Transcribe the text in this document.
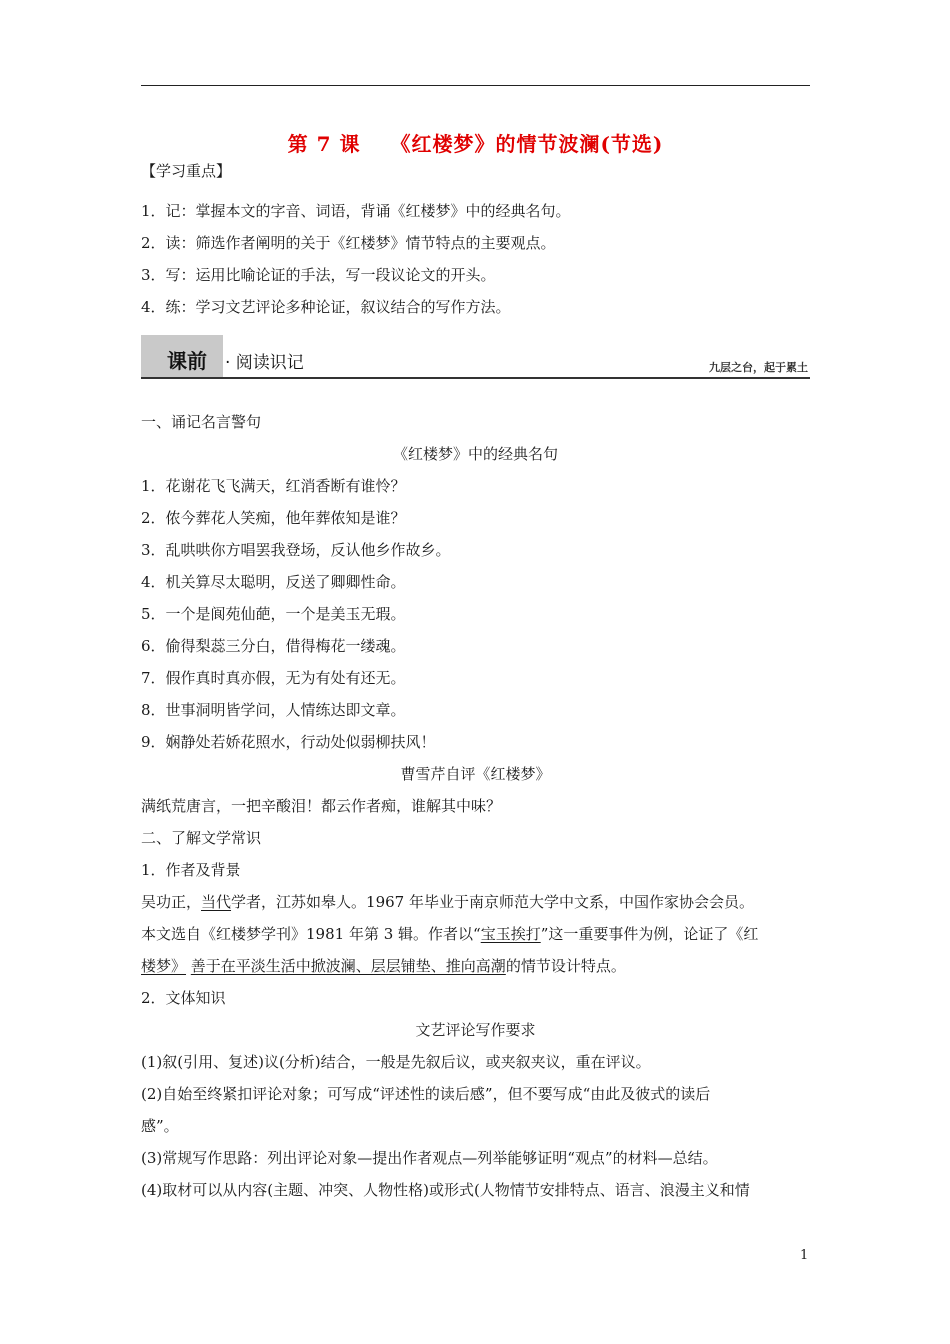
第 7 课 《红楼梦》的情节波澜(节选)
【学习重点】
1．记：掌握本文的字音、词语，背诵《红楼梦》中的经典名句。
2．读：筛选作者阐明的关于《红楼梦》情节特点的主要观点。
3．写：运用比喻论证的手法，写一段议论文的开头。
4．练：学习文艺评论多种论证，叙议结合的写作方法。
课前 · 阅读识记	九层之台，起于累土
一、诵记名言警句
《红楼梦》中的经典名句
1．花谢花飞飞满天，红消香断有谁怜？
2．侬今葬花人笑痴，他年葬侬知是谁？
3．乱哄哄你方唱罢我登场，反认他乡作故乡。
4．机关算尽太聪明，反送了卿卿性命。
5．一个是阆苑仙葩，一个是美玉无瑕。
6．偷得梨蕊三分白，借得梅花一缕魂。
7．假作真时真亦假，无为有处有还无。
8．世事洞明皆学问，人情练达即文章。
9．娴静处若娇花照水，行动处似弱柳扶风！
曹雪芹自评《红楼梦》
满纸荒唐言，一把辛酸泪！都云作者痴，谁解其中味？
二、了解文学常识
1．作者及背景
吴功正，当代学者，江苏如皋人。1967 年毕业于南京师范大学中文系，中国作家协会会员。
本文选自《红楼梦学刊》1981 年第 3 辑。作者以“宝玉挨打”这一重要事件为例，论证了《红
楼梦》 善于在平淡生活中掀波澜、层层铺垫、推向高潮的情节设计特点。
2．文体知识
文艺评论写作要求
(1)叙(引用、复述)议(分析)结合，一般是先叙后议，或夹叙夹议，重在评议。
(2)自始至终紧扣评论对象；可写成“评述性的读后感”，但不要写成“由此及彼式的读后
感”。
(3)常规写作思路：列出评论对象—提出作者观点—列举能够证明“观点”的材料—总结。
(4)取材可以从内容(主题、冲突、人物性格)或形式(人物情节安排特点、语言、浪漫主义和情
1
